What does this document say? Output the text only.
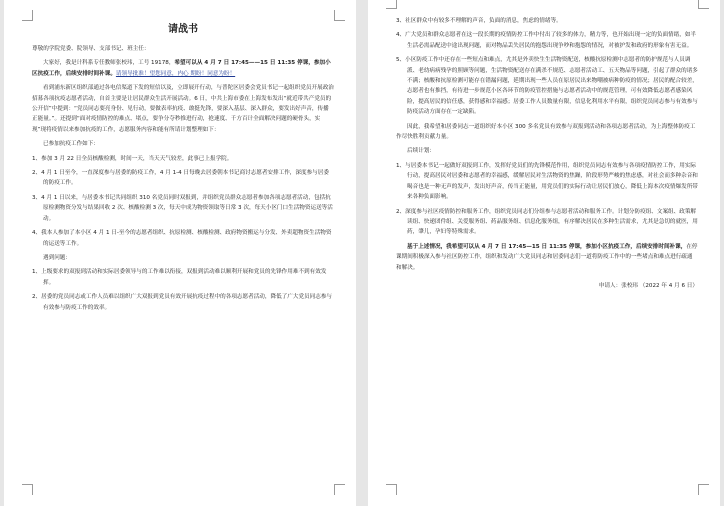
请战书

尊敬的学院党委、院领导、支部书记、班主任：

大家好，我是计科系专任教师张校玮，工号 19178，希望可以从 4 月 7 日 17:45——15 日 11:35 停课，参加小区抗疫工作，后续安排时间补课。请领导批准！望您同意，内心 期盼！同意为盼！

看到浦东新区组织部通过各电信渠道下发的短信以及，立即展开行动，与普陀区居委会党员书记一起组织党员开展政治招募各项抗疫志愿者活动，自首主要是让居民群众生活开展活动。6 日，中共上海市委在上海发布发出“就近带共产党员的公开信”中提到：“党员同志要亮身份、见行动，要做表率抗疫、敢挺先锋，要深入基层、深入群众，要发出好声音，传播正能量。”。还提到“面对疫情防控的难点、堵点，要争分夺秒推进行动，抢速度、千方百计全面解决问题的硬骨头，实现”现将疫情以来参加抗疫的工作，志愿服务内容和能有所请计划整理如下：

已参加抗疫工作如下：

1、参加 3 月 22 日全员核酸检测，时间一天，当天天气较差，此事已上报学院。

2、4 月 1 日至今，一直深度参与居委的防疫工作，4 月 1-4 日每晚去居委朝本书记商讨志愿者安排工作，深度参与居委的防疫工作。

3、4 月 1 日以来，与居委本书记共同组织 310 名党员同时双报到，并组织党员群众志愿者参加各项志愿者活动，包括抗原检测物资分发与结果回收 2 次、核酸检测 3 次，每天中成为物资领取等日常 3 次，每天小区门口生活物资运送等活动。

4、我本人参加了本小区 4 月 1 日-至今的志愿者组织、抗原检测、核酸检测、政府物资搬运与分发、外卖超物资生活物资的运送等工作。

遇到问题：

1、上级要求的双报到活动和实际居委领导与的工作难以衔接，双报到活动难以顺利开展和党员的先锋作用难不到有效发挥。

2、居委的党员同志或工作人员难以组织广大双报到党员有效开展抗疫过程中的各项志愿者活动，降低了广大党员同志参与有效参与防疫工作的效率。

3、社区群众中有较多不理解的声音，负面的消息，焦虑的情绪等。

4、广大党员和群众志愿者在这一段长期的疫情防控工作中付出了较多的体力，精力等，也开始出现一定的负面情绪，如半生活必需品配送中途出现问题，而对物品丢失居民的抱怨出现争吵和抱怨的情况，对被护发和政府的形象有害无益。

5、小区防疫工作中还存在一些短点和难点，尤其是外卖快生生活物资配送，核酸抗原检测中志愿者的防护规范与人员调派、老幼病病残孕的照顾等问题，生活物资配送存在满杀不规范、志愿者活动工、五天物品等问题，引起了群众的诸多不满；核酸和抗原检测可能存在错漏问题，延期出现一些人员在原居民出来物嘲被病种防疫的情况；居民的配合较差，志愿者也有推挡，有待进一步规范小区各环节的防疫管控措施与志愿者活动中的规范管理，可有效降低志愿者感染风险，提高居民的信任感，获得感和幸福感；居委工作人员数量有限，信息化利用水平有限，组织党员同志参与有效参与防疫活动方面存在一定缺陷。

因此，我希望和居委同志一道组织好本小区 300 多名党员有效参与双报到活动和各项志愿者活动，为上海整体防疫工作尽快胜利贡献力量。

后续计划：

1、与居委本书记一起做好双报到工作，发挥好党员们的先锋模范作用，组织党员同志有效参与各项疫情防控工作，用实际行动，提高居民对居委和志愿者的幸福感，缓解居民对生活物资的焦躁，阶段形势严峻的焦虑感，对社会而多种杂音和喝音也是一种无声的发声，发出好声音，传当正能量，用党员们的实际行动让居民们放心，降低上海本次疫情爆发所带来各种负面影响。

2、深度参与社区疫情防控和服务工作，组织党员同志们分组参与志愿者活动和服务工作。计划分防疫组、文案组、政策解读组、快递团件组、关爱服务组、药品服务组、信息化服务组，有序解决居民在多种生活需求，尤其是急切的就医，用药，肇儿，孕妇等特殊需求。

基于上述情况，我希望可以从 4 月 7 日 17:45—15 日 11:35 停课，参加小区抗疫工作，后续安排时间补课，在停课期间积极深入参与社区防控工作，组织和发动广大党员同志和居委同志们一道将防疫工作中的一些堵点和难点进行疏通和解决。

申请人：张校玮 （2022 年 4 月 6 日）
